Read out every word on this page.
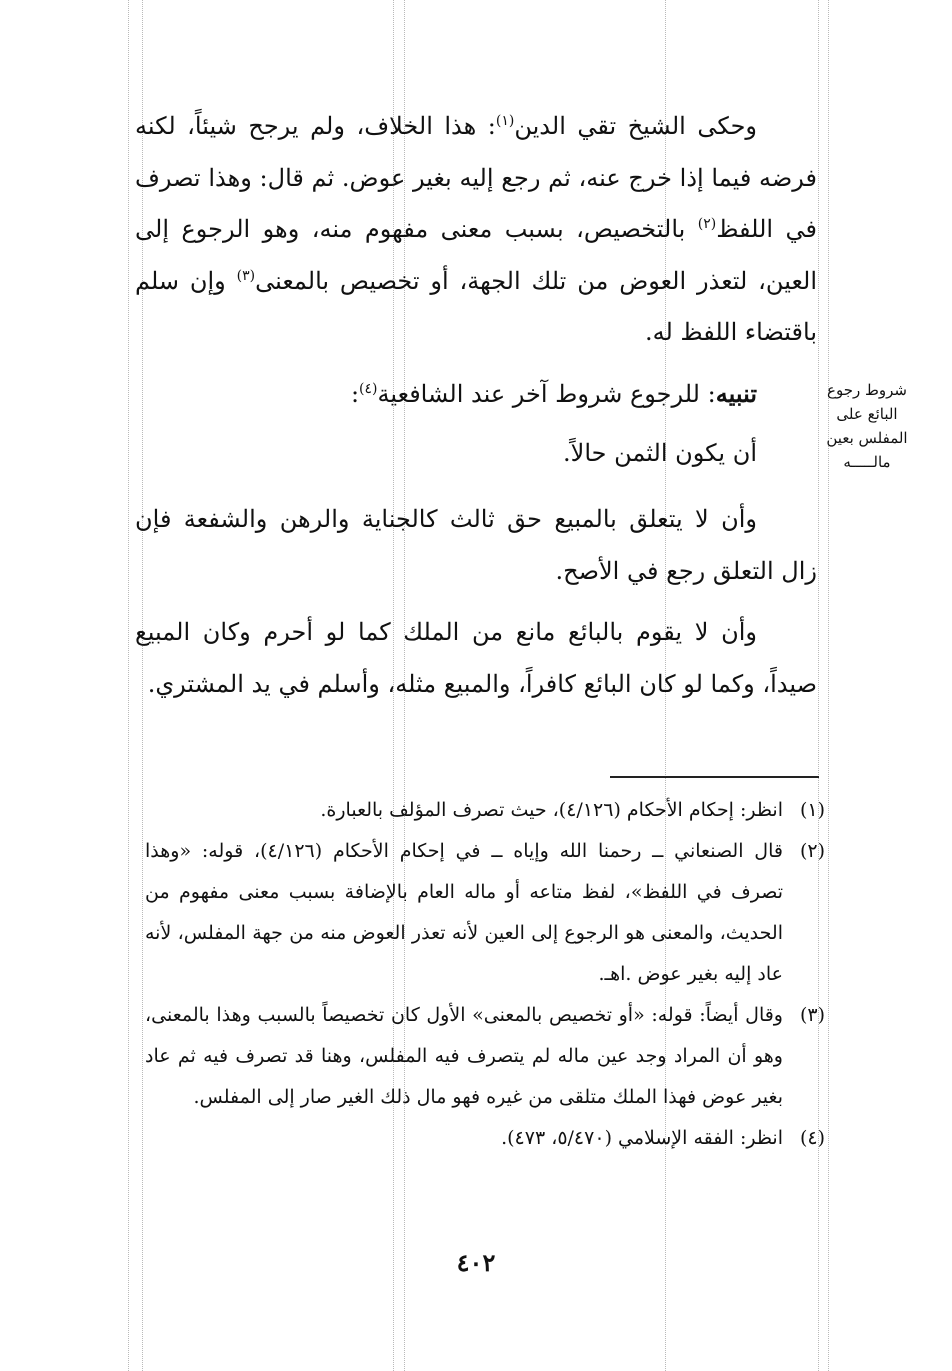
وحكى الشيخ تقي الدين$^{(١)}$: هذا الخلاف، ولم يرجح شيئاً، لكنه فرضه فيما إذا خرج عنه، ثم رجع إليه بغير عوض. ثم قال: وهذا تصرف في اللفظ$^{(٢)}$ بالتخصيص، بسبب معنى مفهوم منه، وهو الرجوع إلى العين، لتعذر العوض من تلك الجهة، أو تخصيص بالمعنى$^{(٣)}$ وإن سلم باقتضاء اللفظ له.

تنبيه: للرجوع شروط آخر عند الشافعية$^{(٤)}$:

أن يكون الثمن حالاً.

وأن لا يتعلق بالمبيع حق ثالث كالجناية والرهن والشفعة فإن زال التعلق رجع في الأصح.

وأن لا يقوم بالبائع مانع من الملك كما لو أحرم وكان المبيع صيداً، وكما لو كان البائع كافراً، والمبيع مثله، وأسلم في يد المشتري.

شروط رجوع
البائع على
المفلس بعين
مالـــــه
(١)
انظر: إحكام الأحكام (٤/١٢٦)، حيث تصرف المؤلف بالعبارة.
(٢)
قال الصنعاني ــ رحمنا الله وإياه ــ في إحكام الأحكام (٤/١٢٦)، قوله: «وهذا تصرف في اللفظ»، لفظ متاعه أو ماله العام بالإضافة بسبب معنى مفهوم من الحديث، والمعنى هو الرجوع إلى العين لأنه تعذر العوض منه من جهة المفلس، لأنه عاد إليه بغير عوض .اهـ.
(٣)
وقال أيضاً: قوله: «أو تخصيص بالمعنى» الأول كان تخصيصاً بالسبب وهذا بالمعنى، وهو أن المراد وجد عين ماله لم يتصرف فيه المفلس، وهنا قد تصرف فيه ثم عاد بغير عوض فهذا الملك متلقى من غيره فهو مال ذلك الغير صار إلى المفلس.
(٤)
انظر: الفقه الإسلامي (٥/٤٧٠، ٤٧٣).
٤٠٢
